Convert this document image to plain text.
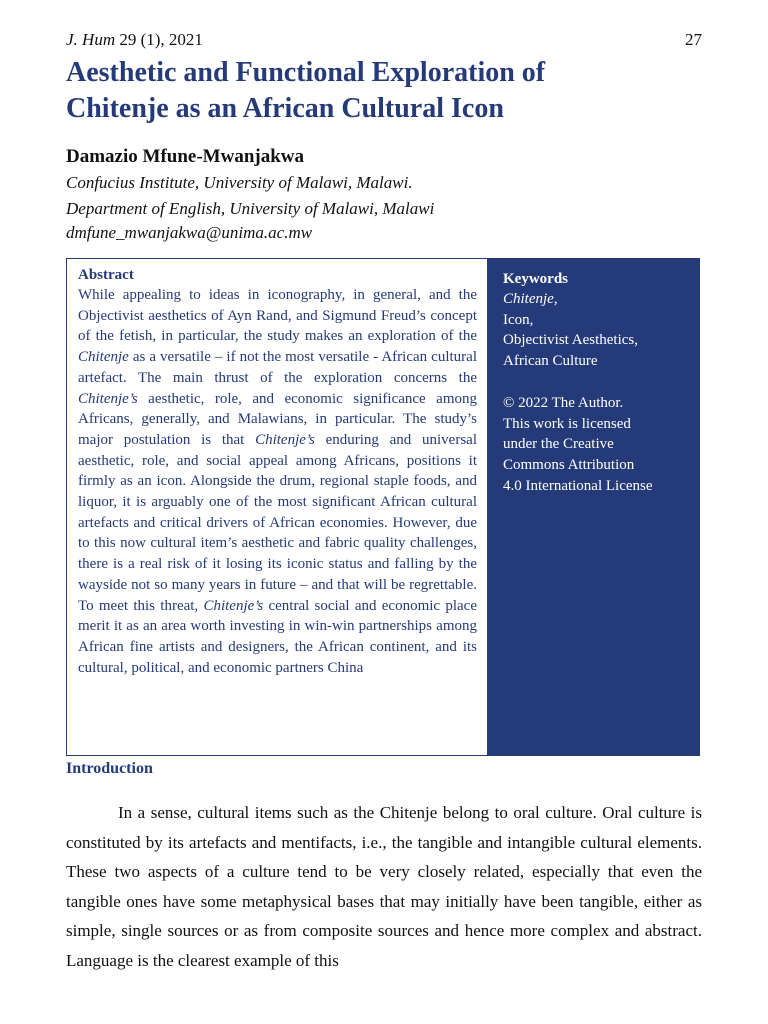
J. Hum 29 (1), 2021	27
Aesthetic and Functional Exploration of
Chitenje as an African Cultural Icon
Damazio Mfune-Mwanjakwa
Confucius Institute, University of Malawi, Malawi.
Department of English, University of Malawi, Malawi
dmfune_mwanjakwa@unima.ac.mw

Abstract

While appealing to ideas in iconography, in general, and the Objectivist aesthetics of Ayn Rand, and Sigmund Freud’s concept of the fetish, in particular, the study makes an exploration of the Chitenje as a versatile – if not the most versatile - African cultural artefact. The main thrust of the exploration concerns the Chitenje’s aesthetic, role, and economic significance among Africans, generally, and Malawians, in particular. The study’s major postulation is that Chitenje’s enduring and universal aesthetic, role, and social appeal among Africans, positions it firmly as an icon. Alongside the drum, regional staple foods, and liquor, it is arguably one of the most significant African cultural artefacts and critical drivers of African economies. However, due to this now cultural item’s aesthetic and fabric quality challenges, there is a real risk of it losing its iconic status and falling by the wayside not so many years in future – and that will be regrettable. To meet this threat, Chitenje’s central social and economic place merit it as an area worth investing in win-win partnerships among African fine artists and designers, the African continent, and its cultural, political, and economic partners China

Keywords

Chitenje,

Icon,

Objectivist Aesthetics,

African Culture

© 2022 The Author.
This work is licensed
under the Creative
Commons Attribution
4.0 International License
Introduction

In a sense, cultural items such as the Chitenje belong to oral culture. Oral culture is constituted by its artefacts and mentifacts, i.e., the tangible and intangible cultural elements. These two aspects of a culture tend to be very closely related, especially that even the tangible ones have some metaphysical bases that may initially have been tangible, either as simple, single sources or as from composite sources and hence more complex and abstract. Language is the clearest example of this
